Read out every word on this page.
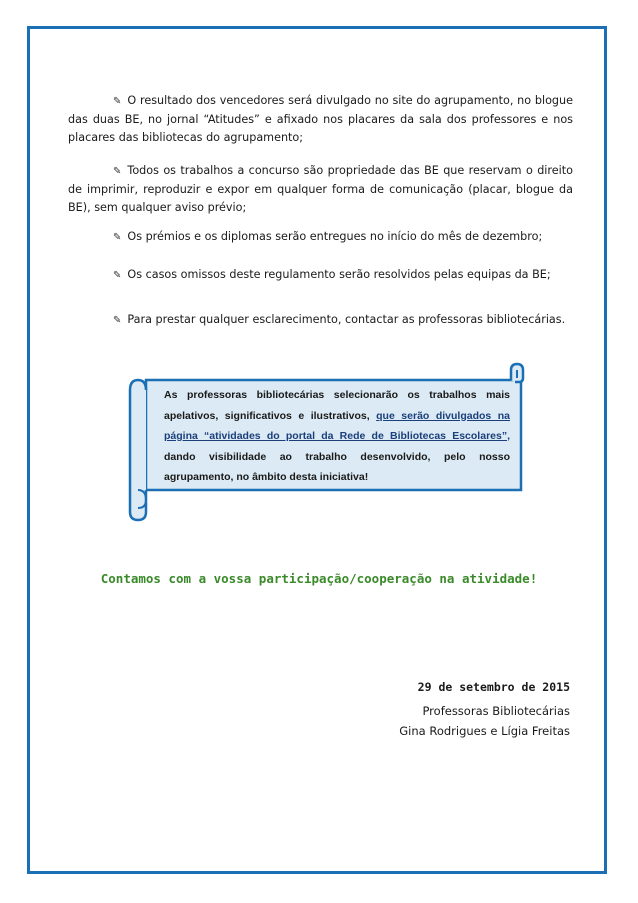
✎ O resultado dos vencedores será divulgado no site do agrupamento, no blogue das duas BE, no jornal “Atitudes” e afixado nos placares da sala dos professores e nos placares das bibliotecas do agrupamento;
✎ Todos os trabalhos a concurso são propriedade das BE que reservam o direito de imprimir, reproduzir e expor em qualquer forma de comunicação (placar, blogue da BE), sem qualquer aviso prévio;
✎ Os prémios e os diplomas serão entregues no início do mês de dezembro;
✎ Os casos omissos deste regulamento serão resolvidos pelas equipas da BE;
✎ Para prestar qualquer esclarecimento, contactar as professoras bibliotecárias.
As professoras bibliotecárias selecionarão os trabalhos mais apelativos, significativos e ilustrativos, que serão divulgados na página “atividades do portal da Rede de Bibliotecas Escolares”, dando visibilidade ao trabalho desenvolvido, pelo nosso agrupamento, no âmbito desta iniciativa!
Contamos com a vossa participação/cooperação na atividade!
29 de setembro de 2015
Professoras Bibliotecárias
Gina Rodrigues e Lígia Freitas
